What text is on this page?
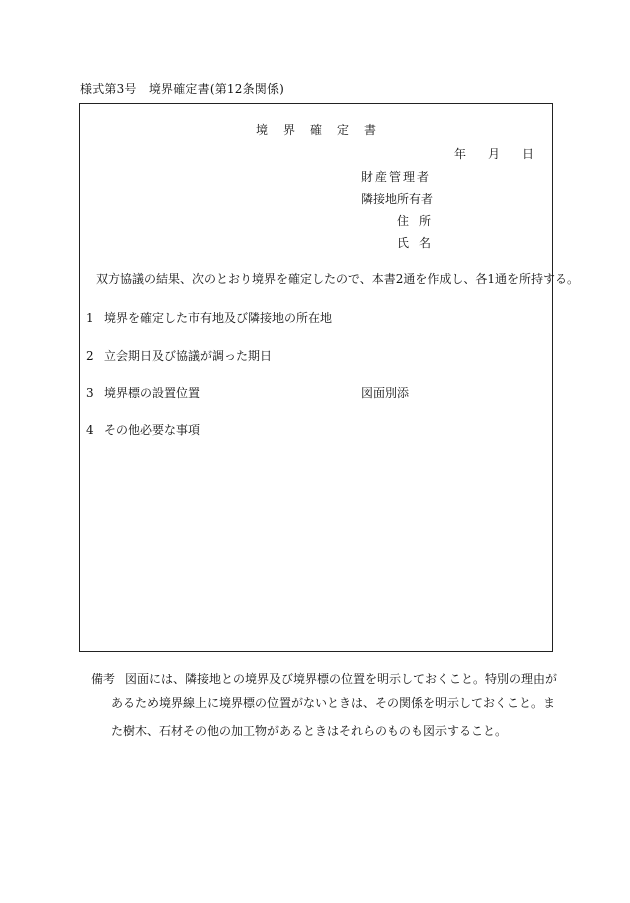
様式第3号　境界確定書(第12条関係)
境界確定書
年 月 日
財産管理者
隣接地所有者
住所
氏名
双方協議の結果、次のとおり境界を確定したので、本書2通を作成し、各1通を所持する。
1 境界を確定した市有地及び隣接地の所在地
2 立会期日及び協議が調った期日
3 境界標の設置位置	図面別添
4 その他必要な事項
備考 図面には、隣接地との境界及び境界標の位置を明示しておくこと。特別の理由が
あるため境界線上に境界標の位置がないときは、その関係を明示しておくこと。ま
た樹木、石材その他の加工物があるときはそれらのものも図示すること。
